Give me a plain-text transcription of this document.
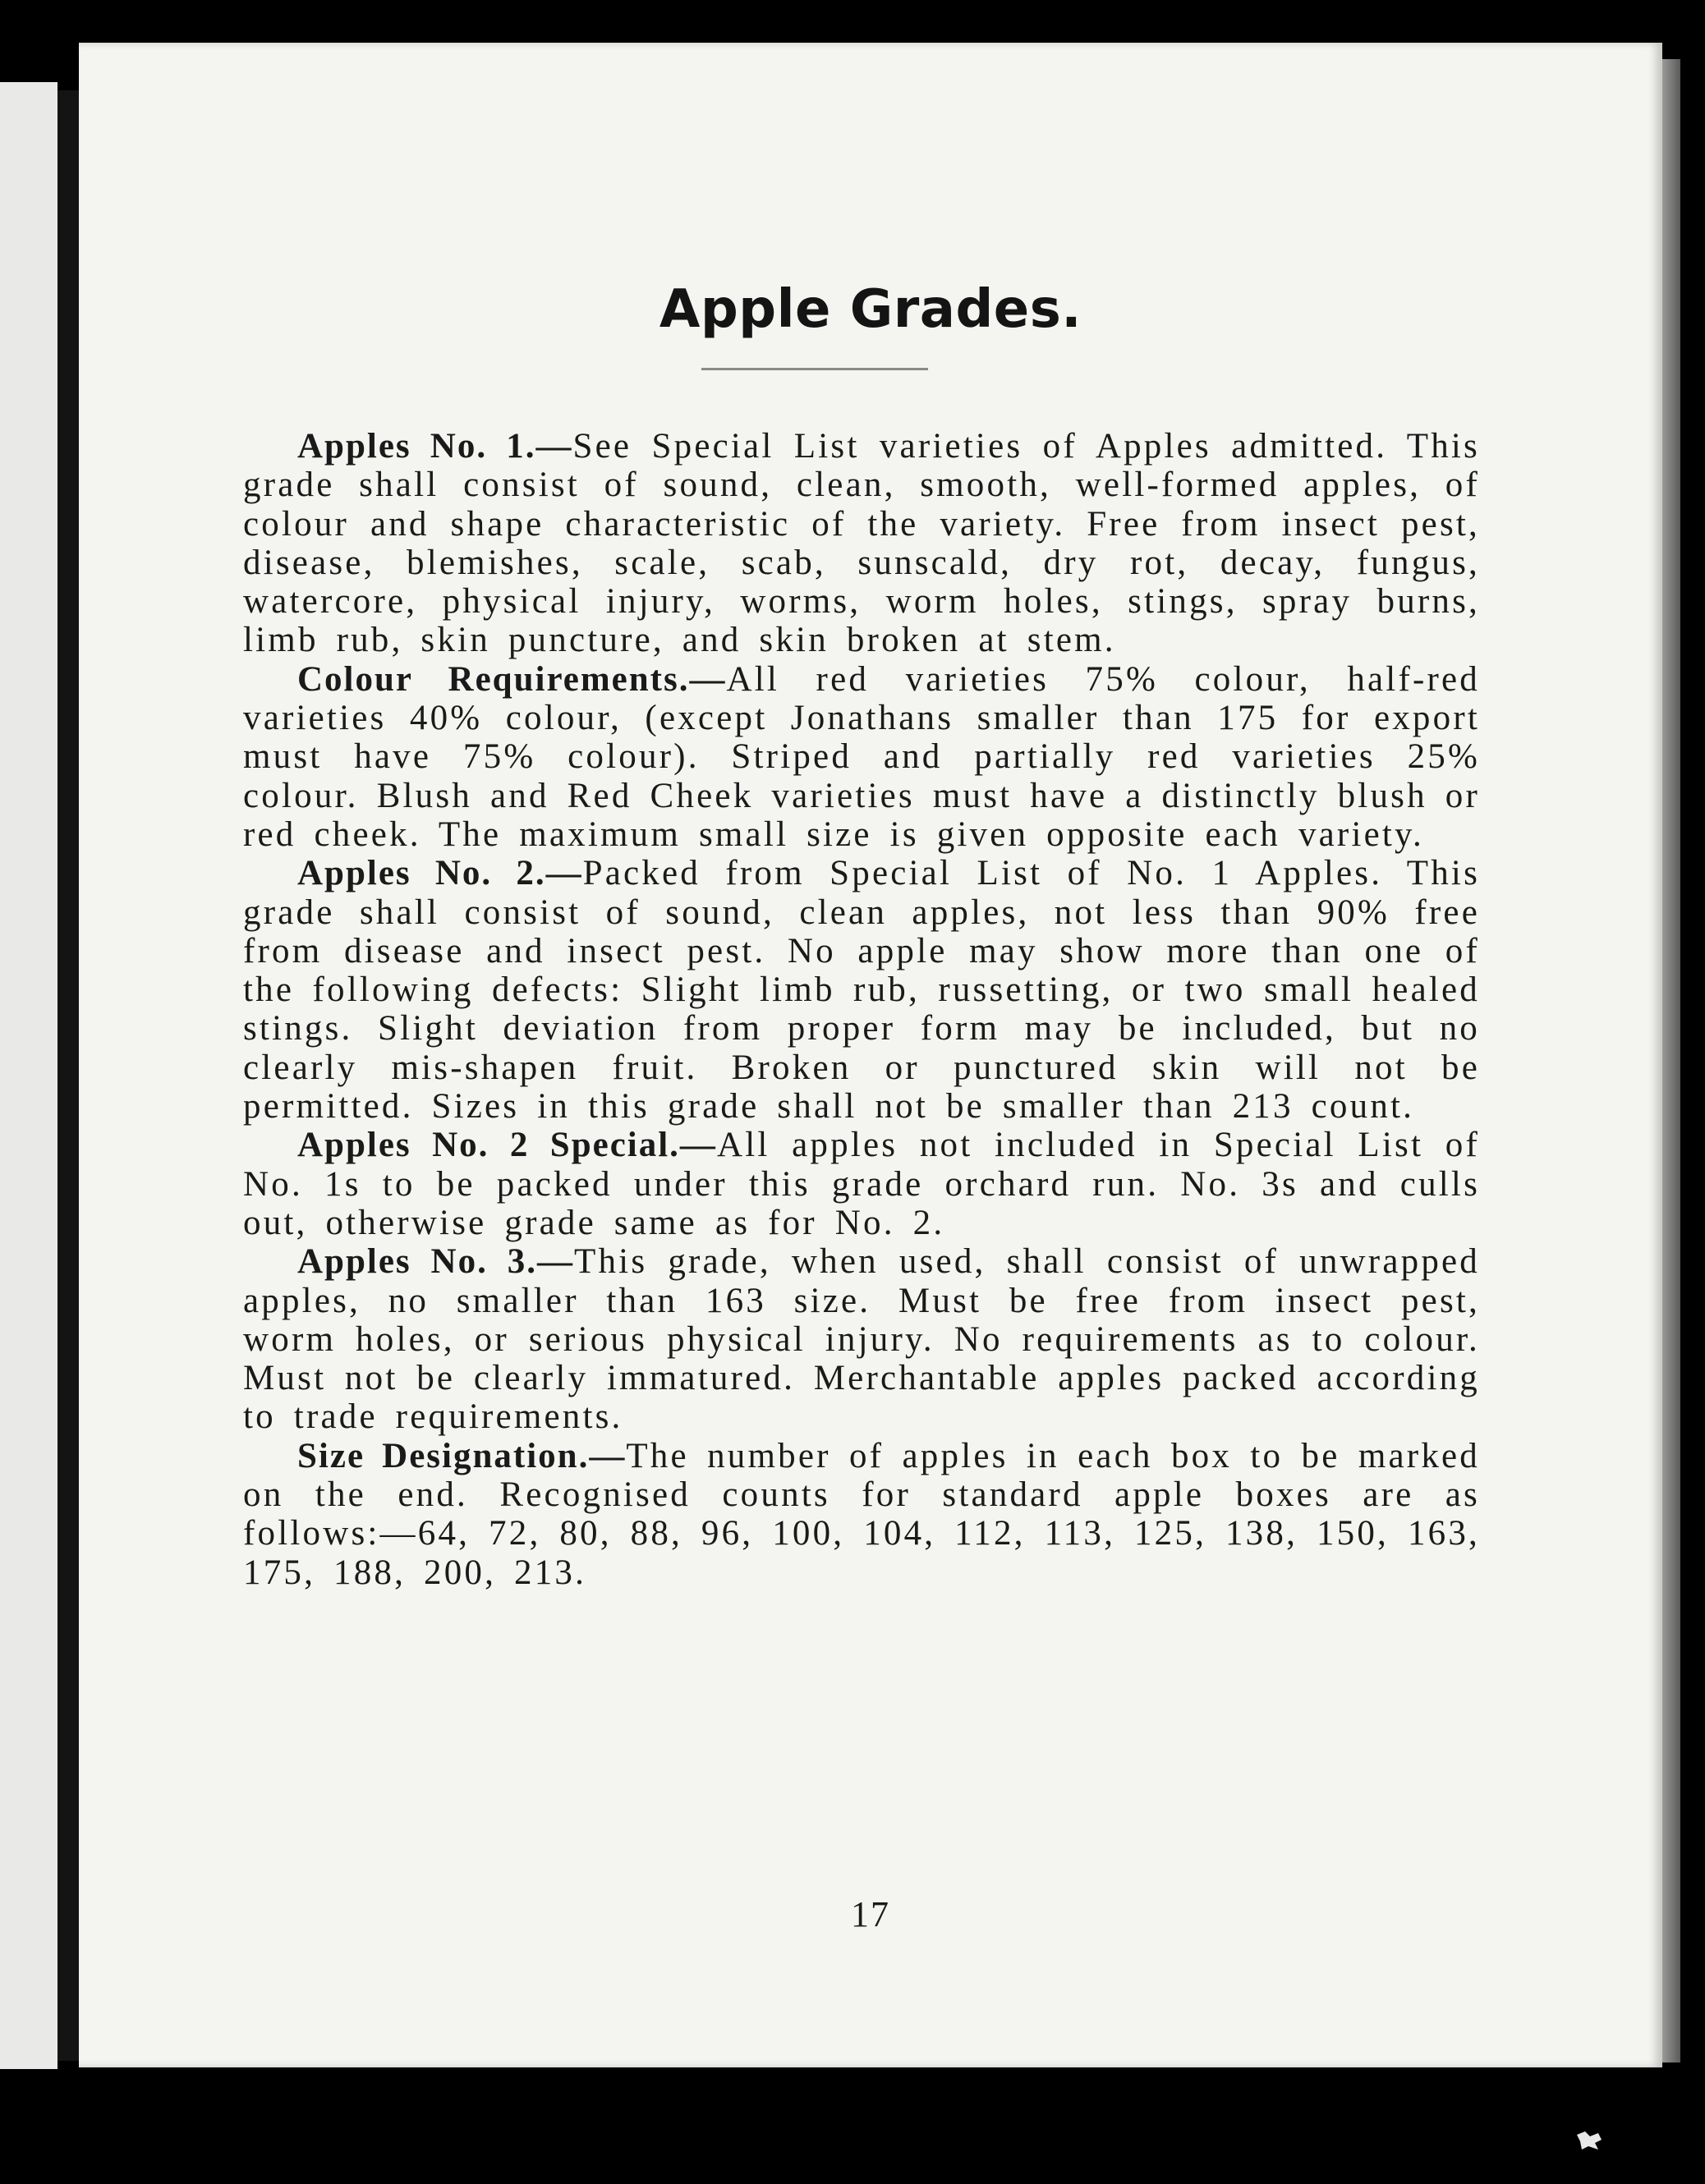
Apple Grades.

Apples No. 1.—See Special List varieties of Apples admitted. This grade shall consist of sound, clean, smooth, well-formed apples, of colour and shape characteristic of the variety. Free from insect pest, disease, blemishes, scale, scab, sunscald, dry rot, decay, fungus, watercore, physical injury, worms, worm holes, stings, spray burns, limb rub, skin puncture, and skin broken at stem.

Colour Requirements.—All red varieties 75% colour, half-red varieties 40% colour, (except Jonathans smaller than 175 for export must have 75% colour). Striped and partially red varieties 25% colour. Blush and Red Cheek varieties must have a distinctly blush or red cheek. The maximum small size is given opposite each variety.

Apples No. 2.—Packed from Special List of No. 1 Apples. This grade shall consist of sound, clean apples, not less than 90% free from disease and insect pest. No apple may show more than one of the following defects: Slight limb rub, russetting, or two small healed stings. Slight deviation from proper form may be included, but no clearly mis-shapen fruit. Broken or punctured skin will not be permitted. Sizes in this grade shall not be smaller than 213 count.

Apples No. 2 Special.—All apples not included in Special List of No. 1s to be packed under this grade orchard run. No. 3s and culls out, otherwise grade same as for No. 2.

Apples No. 3.—This grade, when used, shall consist of unwrapped apples, no smaller than 163 size. Must be free from insect pest, worm holes, or serious physical injury. No requirements as to colour. Must not be clearly immatured. Merchantable apples packed according to trade requirements.

Size Designation.—The number of apples in each box to be marked on the end. Recognised counts for standard apple boxes are as follows:—64, 72, 80, 88, 96, 100, 104, 112, 113, 125, 138, 150, 163, 175, 188, 200, 213.

17
